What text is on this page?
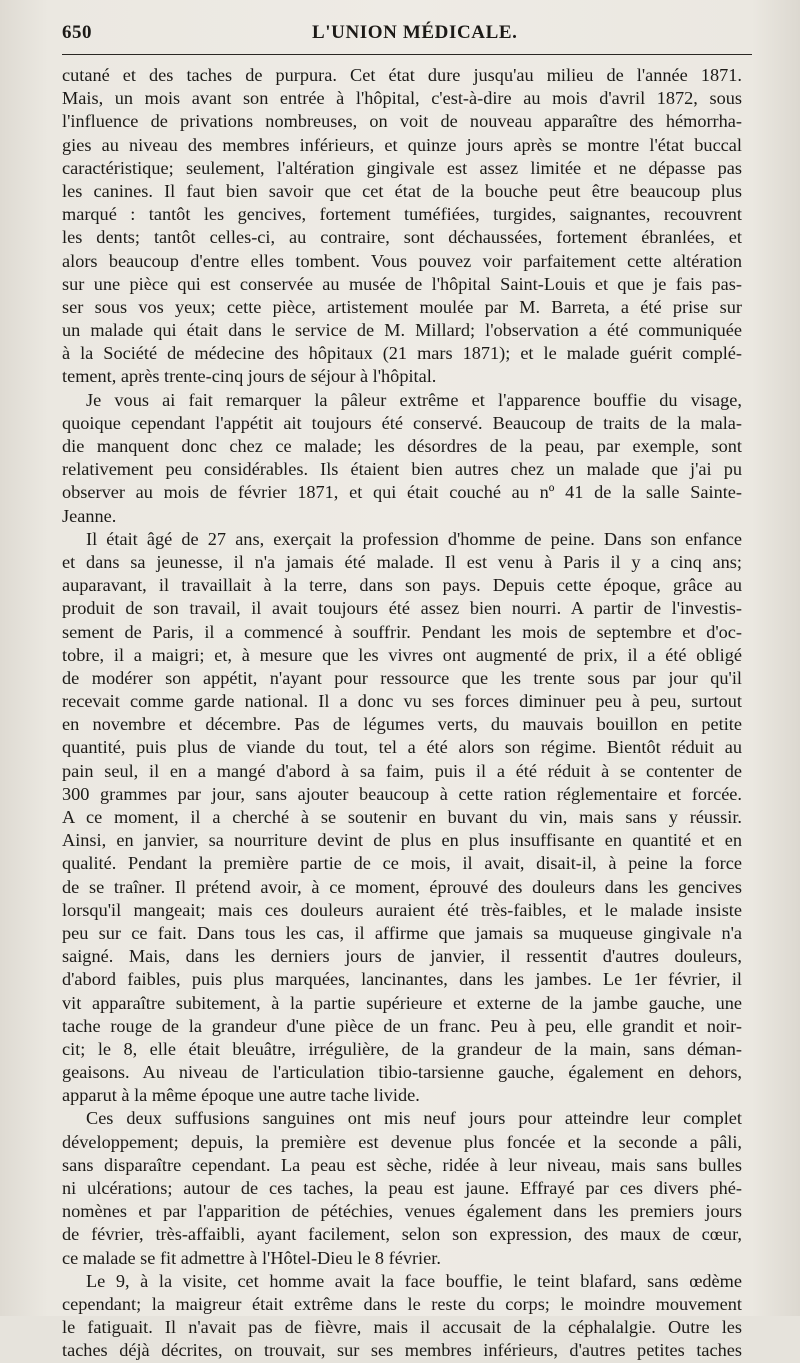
650	L'UNION MÉDICALE.
cutané et des taches de purpura. Cet état dure jusqu'au milieu de l'année 1871.
Mais, un mois avant son entrée à l'hôpital, c'est-à-dire au mois d'avril 1872, sous
l'influence de privations nombreuses, on voit de nouveau apparaître des hémorrha-
gies au niveau des membres inférieurs, et quinze jours après se montre l'état buccal
caractéristique; seulement, l'altération gingivale est assez limitée et ne dépasse pas
les canines. Il faut bien savoir que cet état de la bouche peut être beaucoup plus
marqué : tantôt les gencives, fortement tuméfiées, turgides, saignantes, recouvrent
les dents; tantôt celles-ci, au contraire, sont déchaussées, fortement ébranlées, et
alors beaucoup d'entre elles tombent. Vous pouvez voir parfaitement cette altération
sur une pièce qui est conservée au musée de l'hôpital Saint-Louis et que je fais pas-
ser sous vos yeux; cette pièce, artistement moulée par M. Barreta, a été prise sur
un malade qui était dans le service de M. Millard; l'observation a été communiquée
à la Société de médecine des hôpitaux (21 mars 1871); et le malade guérit complé-
tement, après trente-cinq jours de séjour à l'hôpital.
Je vous ai fait remarquer la pâleur extrême et l'apparence bouffie du visage,
quoique cependant l'appétit ait toujours été conservé. Beaucoup de traits de la mala-
die manquent donc chez ce malade; les désordres de la peau, par exemple, sont
relativement peu considérables. Ils étaient bien autres chez un malade que j'ai pu
observer au mois de février 1871, et qui était couché au nº 41 de la salle Sainte-
Jeanne.
Il était âgé de 27 ans, exerçait la profession d'homme de peine. Dans son enfance
et dans sa jeunesse, il n'a jamais été malade. Il est venu à Paris il y a cinq ans;
auparavant, il travaillait à la terre, dans son pays. Depuis cette époque, grâce au
produit de son travail, il avait toujours été assez bien nourri. A partir de l'investis-
sement de Paris, il a commencé à souffrir. Pendant les mois de septembre et d'oc-
tobre, il a maigri; et, à mesure que les vivres ont augmenté de prix, il a été obligé
de modérer son appétit, n'ayant pour ressource que les trente sous par jour qu'il
recevait comme garde national. Il a donc vu ses forces diminuer peu à peu, surtout
en novembre et décembre. Pas de légumes verts, du mauvais bouillon en petite
quantité, puis plus de viande du tout, tel a été alors son régime. Bientôt réduit au
pain seul, il en a mangé d'abord à sa faim, puis il a été réduit à se contenter de
300 grammes par jour, sans ajouter beaucoup à cette ration réglementaire et forcée.
A ce moment, il a cherché à se soutenir en buvant du vin, mais sans y réussir.
Ainsi, en janvier, sa nourriture devint de plus en plus insuffisante en quantité et en
qualité. Pendant la première partie de ce mois, il avait, disait-il, à peine la force
de se traîner. Il prétend avoir, à ce moment, éprouvé des douleurs dans les gencives
lorsqu'il mangeait; mais ces douleurs auraient été très-faibles, et le malade insiste
peu sur ce fait. Dans tous les cas, il affirme que jamais sa muqueuse gingivale n'a
saigné. Mais, dans les derniers jours de janvier, il ressentit d'autres douleurs,
d'abord faibles, puis plus marquées, lancinantes, dans les jambes. Le 1er février, il
vit apparaître subitement, à la partie supérieure et externe de la jambe gauche, une
tache rouge de la grandeur d'une pièce de un franc. Peu à peu, elle grandit et noir-
cit; le 8, elle était bleuâtre, irrégulière, de la grandeur de la main, sans déman-
geaisons. Au niveau de l'articulation tibio-tarsienne gauche, également en dehors,
apparut à la même époque une autre tache livide.
Ces deux suffusions sanguines ont mis neuf jours pour atteindre leur complet
développement; depuis, la première est devenue plus foncée et la seconde a pâli,
sans disparaître cependant. La peau est sèche, ridée à leur niveau, mais sans bulles
ni ulcérations; autour de ces taches, la peau est jaune. Effrayé par ces divers phé-
nomènes et par l'apparition de pétéchies, venues également dans les premiers jours
de février, très-affaibli, ayant facilement, selon son expression, des maux de cœur,
ce malade se fit admettre à l'Hôtel-Dieu le 8 février.
Le 9, à la visite, cet homme avait la face bouffie, le teint blafard, sans œdème
cependant; la maigreur était extrême dans le reste du corps; le moindre mouvement
le fatiguait. Il n'avait pas de fièvre, mais il accusait de la céphalalgie. Outre les
taches déjà décrites, on trouvait, sur ses membres inférieurs, d'autres petites taches
